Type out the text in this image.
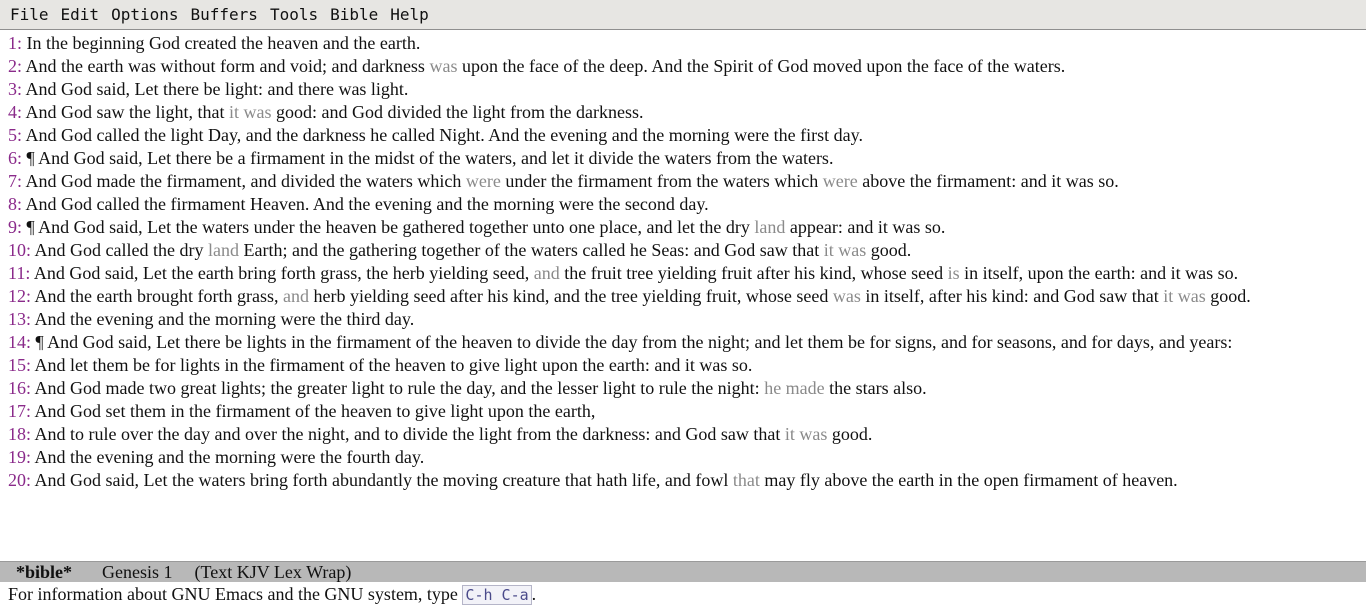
File Edit Options Buffers Tools Bible Help
1: In the beginning God created the heaven and the earth.
2: And the earth was without form and void; and darkness was upon the face of the deep. And the Spirit of God moved upon the face of the waters.
3: And God said, Let there be light: and there was light.
4: And God saw the light, that it was good: and God divided the light from the darkness.
5: And God called the light Day, and the darkness he called Night. And the evening and the morning were the first day.
6: ¶ And God said, Let there be a firmament in the midst of the waters, and let it divide the waters from the waters.
7: And God made the firmament, and divided the waters which were under the firmament from the waters which were above the firmament: and it was so.
8: And God called the firmament Heaven. And the evening and the morning were the second day.
9: ¶ And God said, Let the waters under the heaven be gathered together unto one place, and let the dry land appear: and it was so.
10: And God called the dry land Earth; and the gathering together of the waters called he Seas: and God saw that it was good.
11: And God said, Let the earth bring forth grass, the herb yielding seed, and the fruit tree yielding fruit after his kind, whose seed is in itself, upon the earth: and it was so.
12: And the earth brought forth grass, and herb yielding seed after his kind, and the tree yielding fruit, whose seed was in itself, after his kind: and God saw that it was good.
13: And the evening and the morning were the third day.
14: ¶ And God said, Let there be lights in the firmament of the heaven to divide the day from the night; and let them be for signs, and for seasons, and for days, and years:
15: And let them be for lights in the firmament of the heaven to give light upon the earth: and it was so.
16: And God made two great lights; the greater light to rule the day, and the lesser light to rule the night: he made the stars also.
17: And God set them in the firmament of the heaven to give light upon the earth,
18: And to rule over the day and over the night, and to divide the light from the darkness: and God saw that it was good.
19: And the evening and the morning were the fourth day.
20: And God said, Let the waters bring forth abundantly the moving creature that hath life, and fowl that may fly above the earth in the open firmament of heaven.
*bible* Genesis 1 (Text KJV Lex Wrap)
For information about GNU Emacs and the GNU system, type C-h C-a .
